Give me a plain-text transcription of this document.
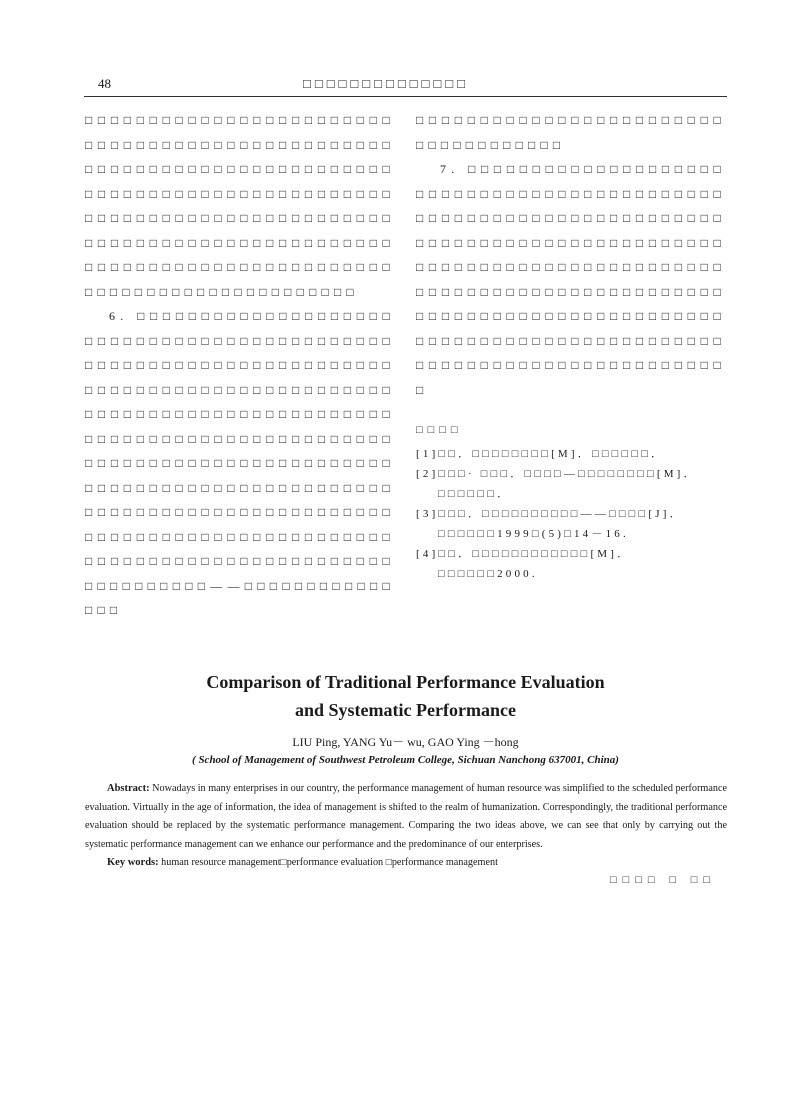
48	□□□□□□□□□□□□□□

□□□□□□□□□□□□□□□□□□□□□□□□□□□□□□□□□□□□□□□□□□□□□□□□□□□□□□□□□□□□□□□□□□□□□□□□□□□□□□□□□□□□□□□□□□□□□□□□□□□□□□□□□□□□□□□□□□□□□□□□□□□□□□□□□□□□□□□□□□□□□□□□□□□□□□□□□□□□□□□□□□□□□□□□□□□□□□□□□□□□□□□□□□□□□□

6. □□□□□□□□□□□□□□□□□□□□□□□□□□□□□□□□□□□□□□□□□□□□□□□□□□□□□□□□□□□□□□□□□□□□□□□□□□□□□□□□□□□□□□□□□□□□□□□□□□□□□□□□□□□□□□□□□□□□□□□□□□□□□□□□□□□□□□□□□□□□□□□□□□□□□□□□□□□□□□□□□□□□□□□□□□□□□□□□□□□□□□□□□□□□□□□□□□□□□□□□□□□□□□□□□□□□□□□□□□□□□□□□□□□□□□□□□□□□□□□□□□□□□□□□□□□□□□□□□□□□□□□□□□□□□□——□□□□□□□□□□□□□□□

□□□□□□□□□□□□□□□□□□□□□□□□□□□□□□□□□□□□

7. □□□□□□□□□□□□□□□□□□□□□□□□□□□□□□□□□□□□□□□□□□□□□□□□□□□□□□□□□□□□□□□□□□□□□□□□□□□□□□□□□□□□□□□□□□□□□□□□□□□□□□□□□□□□□□□□□□□□□□□□□□□□□□□□□□□□□□□□□□□□□□□□□□□□□□□□□□□□□□□□□□□□□□□□□□□□□□□□□□□□□□□□□□□□□□□□□□□□□□□□□□□□□□□□□□□□□

□□□□

[1]□□．□□□□□□□□[M]．□□□□□□．

[2]□□□· □□□．□□□□—□□□□□□□□[M]．□□□□□□．

[3]□□□．□□□□□□□□□□——□□□□[J]．□□□□□□1999□(5)□14－16.

[4]□□．□□□□□□□□□□□□[M]．□□□□□□2000.

Comparison of Traditional Performance Evaluation and Systematic Performance
LIU Ping, YANG Yu－ wu, GAO Ying －hong
( School of Management of Southwest Petroleum College, Sichuan Nanchong 637001, China)

Abstract: Nowadays in many enterprises in our country, the performance management of human resource was simplified to the scheduled performance evaluation. Virtually in the age of information, the idea of management is shifted to the realm of humanization. Correspondingly, the traditional performance evaluation should be replaced by the systematic performance management. Comparing the two ideas above, we can see that only by carrying out the systematic performance management can we enhance our performance and the predominance of our enterprises.

Key words: human resource management□performance evaluation □performance management

□□□□ □ □□
